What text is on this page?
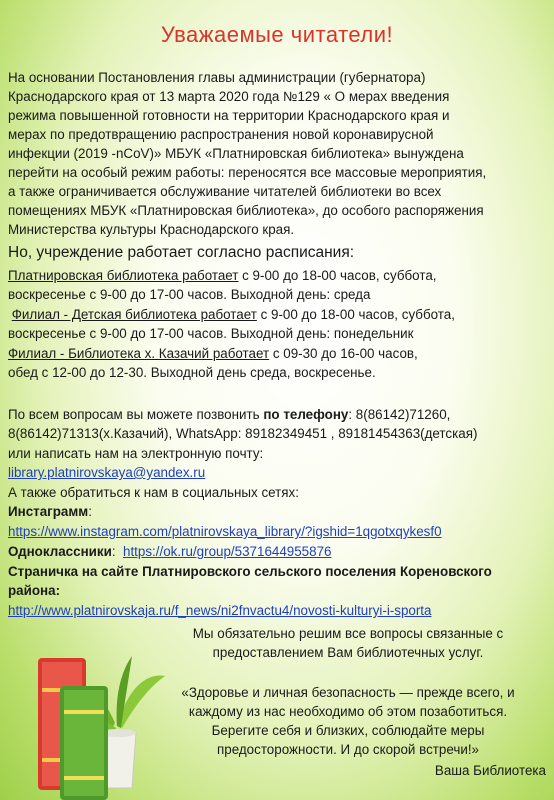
Уважаемые читатели!
На основании Постановления главы администрации (губернатора)
Краснодарского края от 13 марта 2020 года №129 « О мерах введения
режима повышенной готовности на территории Краснодарского края и
мерах по предотвращению распространения новой коронавирусной
инфекции (2019 -nCoV)» МБУК «Платнировская библиотека» вынуждена
перейти на особый режим работы: переносятся все массовые мероприятия,
а также ограничивается обслуживание читателей библиотеки во всех
помещениях МБУК «Платнировская библиотека», до особого распоряжения
Министерства культуры Краснодарского края.
Но, учреждение работает согласно расписания:
Платнировская библиотека работает с 9-00 до 18-00 часов, суббота,
воскресенье с 9-00 до 17-00 часов. Выходной день: среда
Филиал - Детская библиотека работает с 9-00 до 18-00 часов, суббота,
воскресенье с 9-00 до 17-00 часов. Выходной день: понедельник
Филиал - Библиотека х. Казачий работает с 09-30 до 16-00 часов,
обед с 12-00 до 12-30. Выходной день среда, воскресенье.
По всем вопросам вы можете позвонить по телефону: 8(86142)71260,
8(86142)71313(х.Казачий), WhatsApp: 89182349451 , 89181454363(детская)
или написать нам на электронную почту:
library.platnirovskaya@yandex.ru
А также обратиться к нам в социальных сетях:
Инстаграмм:
https://www.instagram.com/platnirovskaya_library/?igshid=1qgotxqykesf0
Одноклассники:  https://ok.ru/group/5371644955876
Страничка на сайте Платнировского сельского поселения Кореновского
района:
http://www.platnirovskaja.ru/f_news/ni2fnvactu4/novosti-kulturyi-i-sporta
Мы обязательно решим все вопросы связанные с
предоставлением Вам библиотечных услуг.
«Здоровье и личная безопасность — прежде всего, и
каждому из нас необходимо об этом позаботиться.
Берегите себя и близких, соблюдайте меры
предосторожности. И до скорой встречи!»
Ваша Библиотека
